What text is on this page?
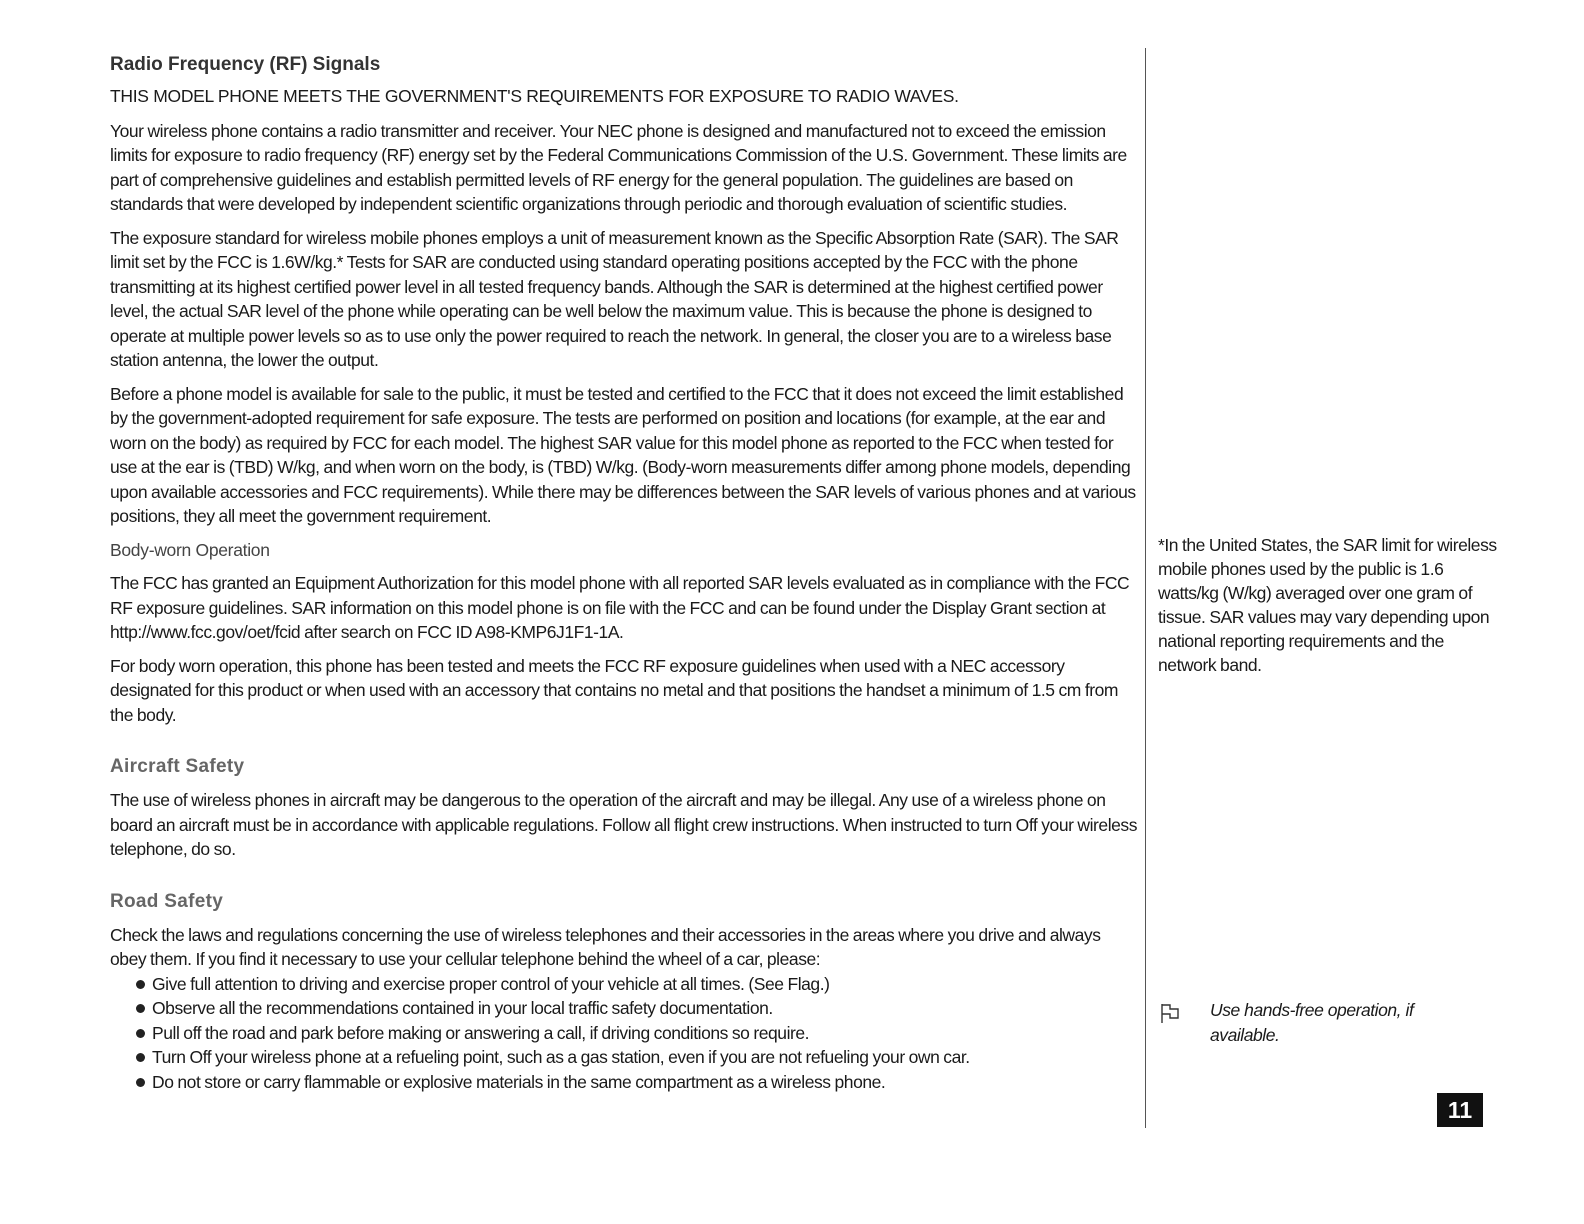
Radio Frequency (RF) Signals
THIS MODEL PHONE MEETS THE GOVERNMENT'S REQUIREMENTS FOR EXPOSURE TO RADIO WAVES.

Your wireless phone contains a radio transmitter and receiver. Your NEC phone is designed and manufactured not to exceed the emission limits for exposure to radio frequency (RF) energy set by the Federal Communications Commission of the U.S. Government. These limits are part of comprehensive guidelines and establish permitted levels of RF energy for the general population. The guidelines are based on standards that were developed by independent scientific organizations through periodic and thorough evaluation of scientific studies.

The exposure standard for wireless mobile phones employs a unit of measurement known as the Specific Absorption Rate (SAR). The SAR limit set by the FCC is 1.6W/kg.* Tests for SAR are conducted using standard operating positions accepted by the FCC with the phone transmitting at its highest certified power level in all tested frequency bands. Although the SAR is determined at the highest certified power level, the actual SAR level of the phone while operating can be well below the maximum value. This is because the phone is designed to operate at multiple power levels so as to use only the power required to reach the network. In general, the closer you are to a wireless base station antenna, the lower the output.

Before a phone model is available for sale to the public, it must be tested and certified to the FCC that it does not exceed the limit established by the government-adopted requirement for safe exposure. The tests are performed on position and locations (for example, at the ear and worn on the body) as required by FCC for each model. The highest SAR value for this model phone as reported to the FCC when tested for use at the ear is (TBD) W/kg, and when worn on the body, is (TBD) W/kg. (Body-worn measurements differ among phone models, depending upon available accessories and FCC requirements). While there may be differences between the SAR levels of various phones and at various positions, they all meet the government requirement.

Body-worn Operation

The FCC has granted an Equipment Authorization for this model phone with all reported SAR levels evaluated as in compliance with the FCC RF exposure guidelines. SAR information on this model phone is on file with the FCC and can be found under the Display Grant section at http://www.fcc.gov/oet/fcid after search on FCC ID A98-KMP6J1F1-1A.

For body worn operation, this phone has been tested and meets the FCC RF exposure guidelines when used with a NEC accessory designated for this product or when used with an accessory that contains no metal and that positions the handset a minimum of 1.5 cm from the body.

Aircraft Safety

The use of wireless phones in aircraft may be dangerous to the operation of the aircraft and may be illegal. Any use of a wireless phone on board an aircraft must be in accordance with applicable regulations. Follow all flight crew instructions. When instructed to turn Off your wireless telephone, do so.

Road Safety

Check the laws and regulations concerning the use of wireless telephones and their accessories in the areas where you drive and always obey them. If you find it necessary to use your cellular telephone behind the wheel of a car, please:

Give full attention to driving and exercise proper control of your vehicle at all times. (See Flag.)
Observe all the recommendations contained in your local traffic safety documentation.
Pull off the road and park before making or answering a call, if driving conditions so require.
Turn Off your wireless phone at a refueling point, such as a gas station, even if you are not refueling your own car.
Do not store or carry flammable or explosive materials in the same compartment as a wireless phone.
*In the United States, the SAR limit for wireless mobile phones used by the public is 1.6 watts/kg (W/kg) averaged over one gram of tissue. SAR values may vary depending upon national reporting requirements and the network band.
Use hands-free operation, if available.
11
